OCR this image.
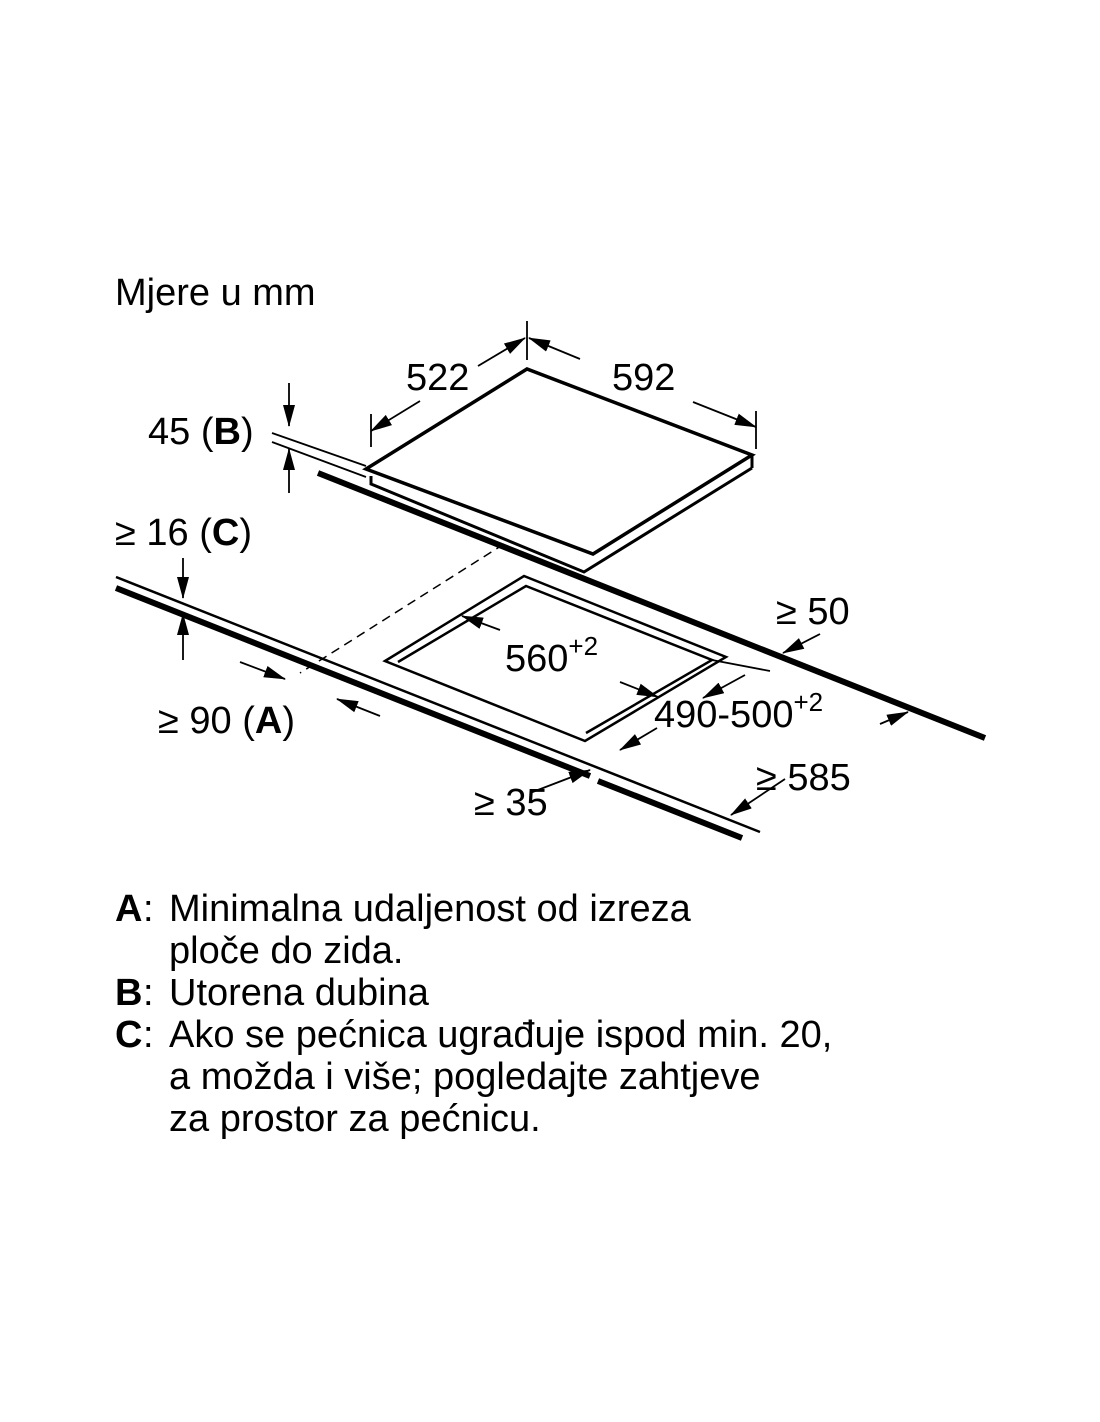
Mjere u mm
522	592
45 (B)
≥ 16 (C)
≥ 50
$560^{+2}$
≥ 90 (A)	$490-500^{+2}$
≥ 585
≥ 35
A : Minimalna udaljenost od izreza
ploče do zida.
B : Utorena dubina
C : Ako se pećnica ugrađuje ispod min. 20,
a možda i više; pogledajte zahtjeve
za prostor za pećnicu.
